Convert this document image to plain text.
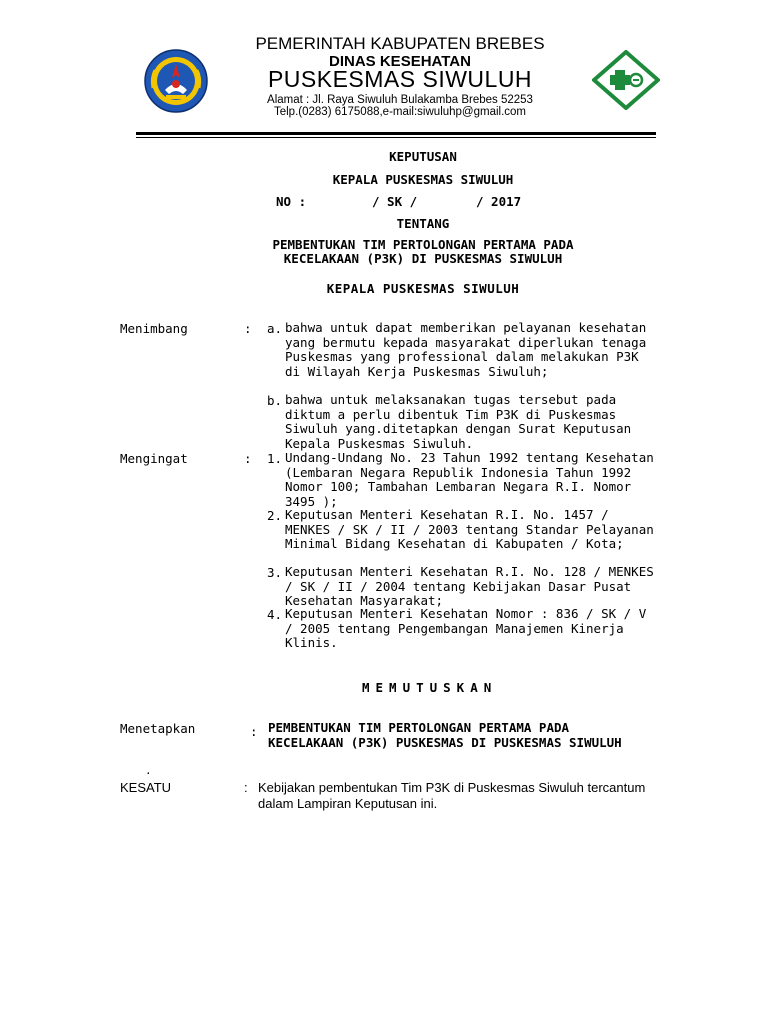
PEMERINTAH KABUPATEN BREBES
DINAS KESEHATAN
PUSKESMAS SIWULUH
Alamat : Jl. Raya Siwuluh Bulakamba Brebes 52253
Telp.(0283) 6175088,e-mail:siwuluhp@gmail.com
KEPUTUSAN
KEPALA PUSKESMAS SIWULUH
NO :	/ SK /	/ 2017
TENTANG
PEMBENTUKAN TIM PERTOLONGAN PERTAMA PADA
KECELAKAAN (P3K) DI PUSKESMAS SIWULUH
KEPALA PUSKESMAS SIWULUH
Menimbang	: a. bahwa untuk dapat memberikan pelayanan kesehatan yang bermutu kepada masyarakat diperlukan tenaga Puskesmas yang professional dalam melakukan P3K di Wilayah Kerja Puskesmas Siwuluh;
b. bahwa untuk melaksanakan tugas tersebut pada diktum a perlu dibentuk Tim P3K di Puskesmas Siwuluh yang.ditetapkan dengan Surat Keputusan Kepala Puskesmas Siwuluh.
Mengingat	: 1. Undang-Undang No. 23 Tahun 1992 tentang Kesehatan (Lembaran Negara Republik Indonesia Tahun 1992 Nomor 100; Tambahan Lembaran Negara R.I. Nomor 3495 );
2. Keputusan Menteri Kesehatan R.I. No. 1457 / MENKES / SK / II / 2003 tentang Standar Pelayanan Minimal Bidang Kesehatan di Kabupaten / Kota;
3. Keputusan Menteri Kesehatan R.I. No. 128 / MENKES / SK / II / 2004 tentang Kebijakan Dasar Pusat Kesehatan Masyarakat;
4. Keputusan Menteri Kesehatan Nomor : 836 / SK / V / 2005 tentang Pengembangan Manajemen Kinerja Klinis.
MEMUTUSKAN
Menetapkan	: PEMBENTUKAN TIM PERTOLONGAN PERTAMA PADA KECELAKAAN (P3K) PUSKESMAS DI PUSKESMAS SIWULUH
.
KESATU	: Kebijakan pembentukan Tim P3K di Puskesmas Siwuluh tercantum dalam Lampiran Keputusan ini.
